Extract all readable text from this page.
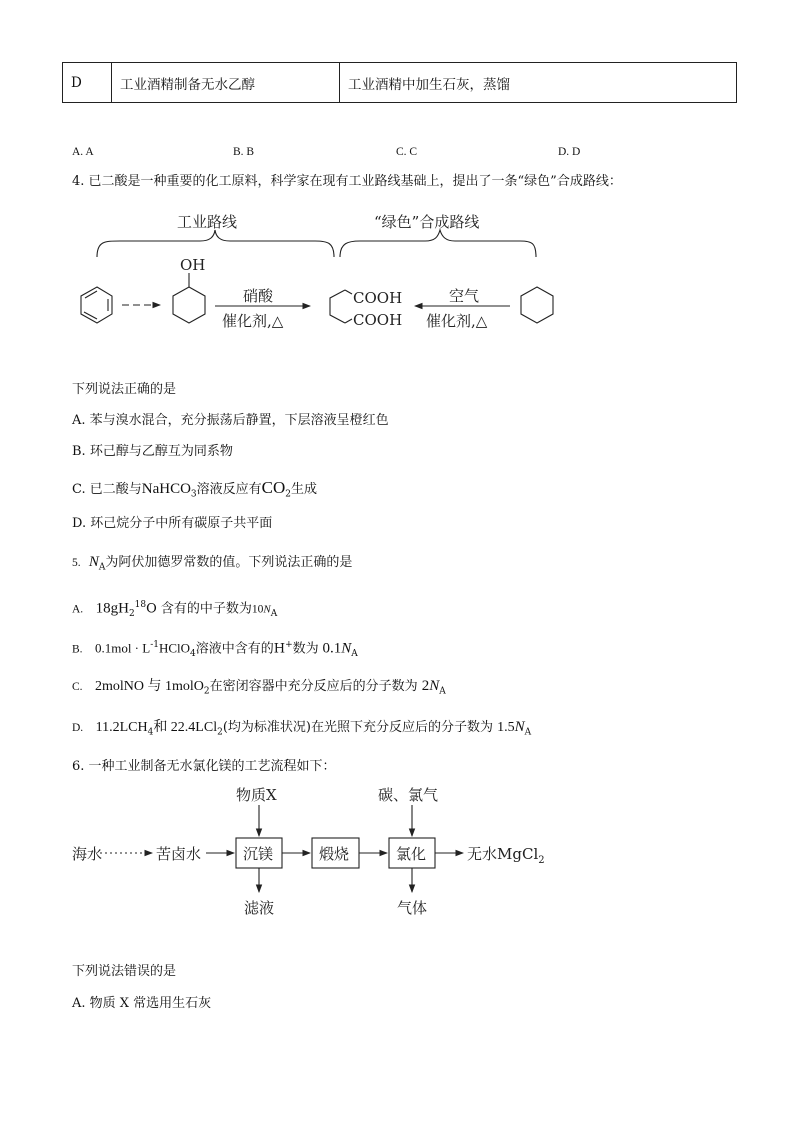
D	工业酒精制备无水乙醇	工业酒精中加生石灰，蒸馏
A. A	B. B	C. C	D. D
4. 已二酸是一种重要的化工原料，科学家在现有工业路线基础上，提出了一条“绿色”合成路线：
工业路线	“绿色”合成路线
OH
硝酸
催化剂,△
COOH
COOH
空气
催化剂,△
下列说法正确的是
A. 苯与溴水混合，充分振荡后静置，下层溶液呈橙红色
B. 环己醇与乙醇互为同系物
C. 已二酸与NaHCO$_3$溶液反应有$CO_2$生成
D. 环己烷分子中所有碳原子共平面
5. $N_A$为阿伏加德罗常数的值。下列说法正确的是
A. $18gH_2^{18}O$ 含有的中子数为$10N_A$
B. $0.1mol \cdot L^{-1}HClO_4$溶液中含有的H+数为 $0.1N_A$
C. 2molNO 与 1molO$_2$在密闭容器中充分反应后的分子数为 $2N_A$
D. $11.2LCH_4$和 22.4LCl$_2$(均为标准状况)在光照下充分反应后的分子数为 $1.5N_A$
6. 一种工业制备无水氯化镁的工艺流程如下：
海水	苦卤水	沉镁	煅烧	氯化	无水MgCl$_2$
物质X	碳、氯气
滤液	气体
下列说法错误的是
A. 物质 X 常选用生石灰
